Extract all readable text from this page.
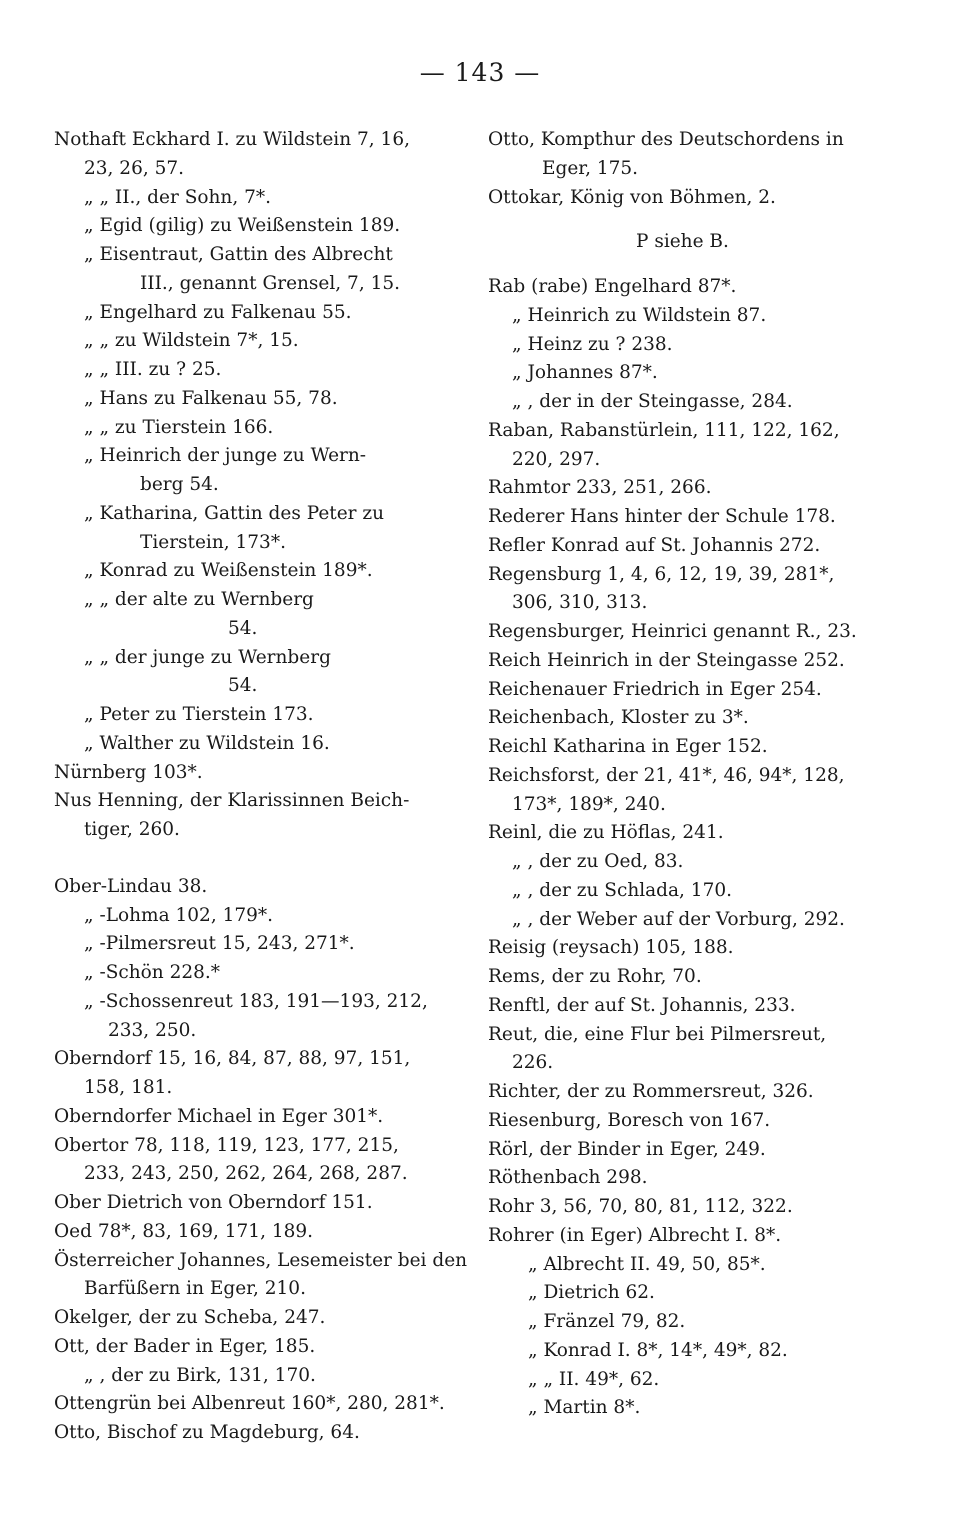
— 143 —
Nothaft Eckhard I. zu Wildstein 7, 16,
23, 26, 57.
„ „ II., der Sohn, 7*.
„ Egid (gilig) zu Weißenstein 189.
„ Eisentraut, Gattin des Albrecht
III., genannt Grensel, 7, 15.
„ Engelhard zu Falkenau 55.
„ „ zu Wildstein 7*, 15.
„ „ III. zu ? 25.
„ Hans zu Falkenau 55, 78.
„ „ zu Tierstein 166.
„ Heinrich der junge zu Wern-
berg 54.
„ Katharina, Gattin des Peter zu
Tierstein, 173*.
„ Konrad zu Weißenstein 189*.
„ „ der alte zu Wernberg
54.
„ „ der junge zu Wernberg
54.
„ Peter zu Tierstein 173.
„ Walther zu Wildstein 16.
Nürnberg 103*.
Nus Henning, der Klarissinnen Beich-
tiger, 260.
Ober-Lindau 38.
„ -Lohma 102, 179*.
„ -Pilmersreut 15, 243, 271*.
„ -Schön 228.*
„ -Schossenreut 183, 191—193, 212,
233, 250.
Oberndorf 15, 16, 84, 87, 88, 97, 151,
158, 181.
Oberndorfer Michael in Eger 301*.
Obertor 78, 118, 119, 123, 177, 215,
233, 243, 250, 262, 264, 268, 287.
Ober Dietrich von Oberndorf 151.
Oed 78*, 83, 169, 171, 189.
Österreicher Johannes, Lesemeister bei den
Barfüßern in Eger, 210.
Okelger, der zu Scheba, 247.
Ott, der Bader in Eger, 185.
„ , der zu Birk, 131, 170.
Ottengrün bei Albenreut 160*, 280, 281*.
Otto, Bischof zu Magdeburg, 64.
Otto, Kompthur des Deutschordens in
Eger, 175.
Ottokar, König von Böhmen, 2.
P siehe B.
Rab (rabe) Engelhard 87*.
„ Heinrich zu Wildstein 87.
„ Heinz zu ? 238.
„ Johannes 87*.
„ , der in der Steingasse, 284.
Raban, Rabanstürlein, 111, 122, 162,
220, 297.
Rahmtor 233, 251, 266.
Rederer Hans hinter der Schule 178.
Refler Konrad auf St. Johannis 272.
Regensburg 1, 4, 6, 12, 19, 39, 281*,
306, 310, 313.
Regensburger, Heinrici genannt R., 23.
Reich Heinrich in der Steingasse 252.
Reichenauer Friedrich in Eger 254.
Reichenbach, Kloster zu 3*.
Reichl Katharina in Eger 152.
Reichsforst, der 21, 41*, 46, 94*, 128,
173*, 189*, 240.
Reinl, die zu Höflas, 241.
„ , der zu Oed, 83.
„ , der zu Schlada, 170.
„ , der Weber auf der Vorburg, 292.
Reisig (reysach) 105, 188.
Rems, der zu Rohr, 70.
Renftl, der auf St. Johannis, 233.
Reut, die, eine Flur bei Pilmersreut,
226.
Richter, der zu Rommersreut, 326.
Riesenburg, Boresch von 167.
Rörl, der Binder in Eger, 249.
Röthenbach 298.
Rohr 3, 56, 70, 80, 81, 112, 322.
Rohrer (in Eger) Albrecht I. 8*.
„ Albrecht II. 49, 50, 85*.
„ Dietrich 62.
„ Fränzel 79, 82.
„ Konrad I. 8*, 14*, 49*, 82.
„ „ II. 49*, 62.
„ Martin 8*.
